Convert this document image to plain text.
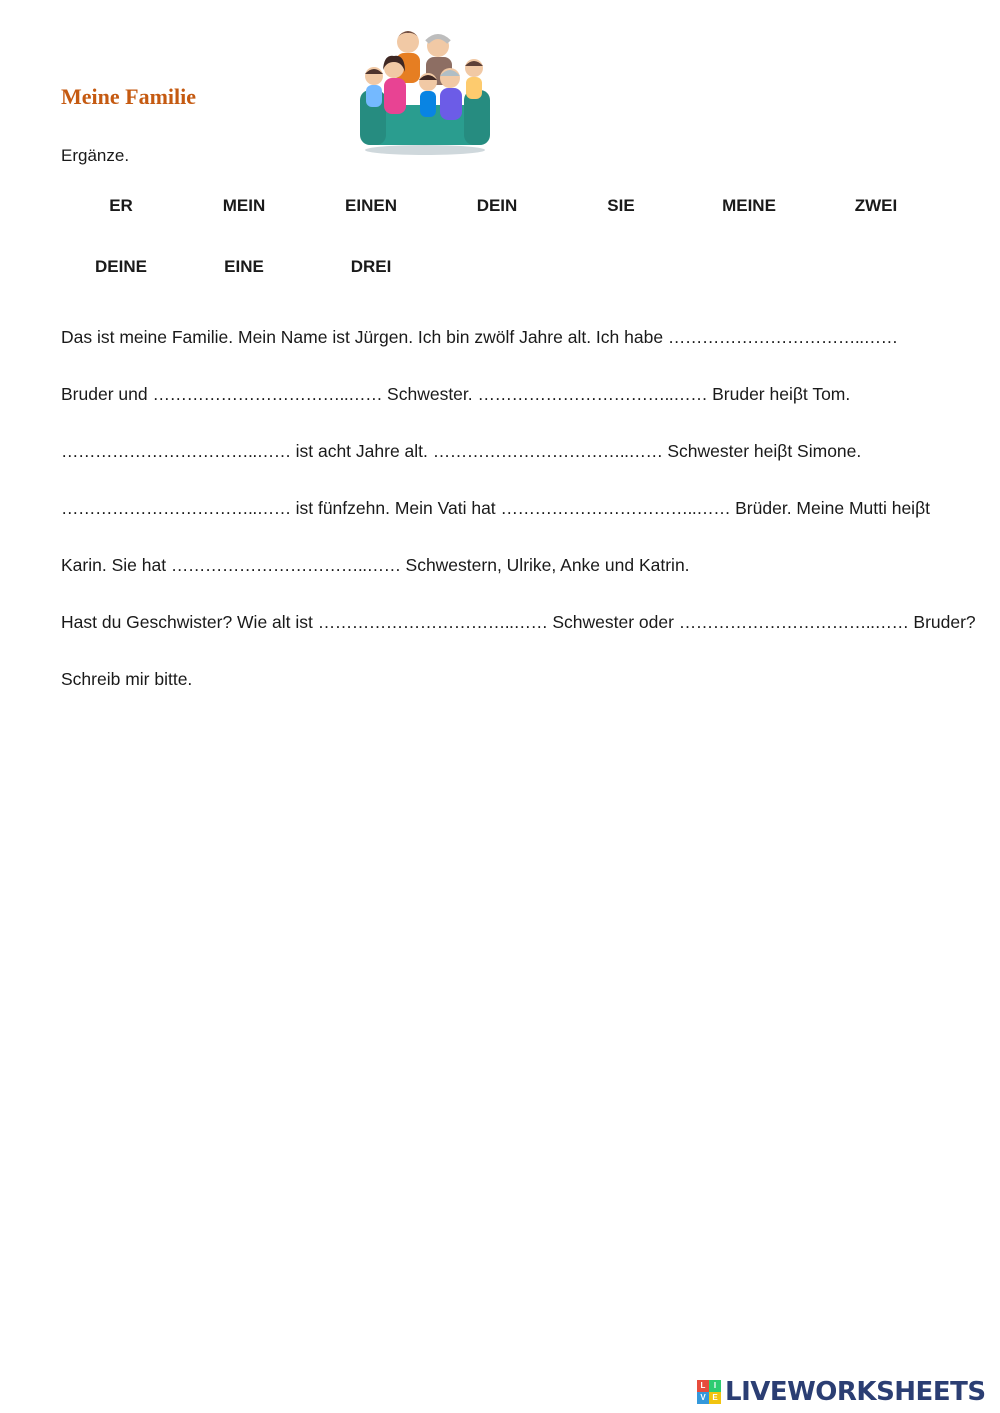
Meine Familie
Ergänze.
ER	MEIN	EINEN	DEIN	SIE	MEINE	ZWEI
DEINE	EINE	DREI
Das ist meine Familie. Mein Name ist Jürgen. Ich bin zwölf Jahre alt. Ich habe ……………………………..……
Bruder und ……………………………..…… Schwester. ……………………………..…… Bruder heiβt Tom.
……………………………..…… ist acht Jahre alt. ……………………………..…… Schwester heiβt Simone.
……………………………..…… ist fünfzehn. Mein Vati hat ……………………………..…… Brüder. Meine Mutti heiβt
Karin. Sie hat ……………………………..…… Schwestern, Ulrike, Anke und Katrin.
Hast du Geschwister? Wie alt ist ……………………………..…… Schwester oder ……………………………..…… Bruder?
Schreib mir bitte.
L	I
V E LIVEWORKSHEETS
